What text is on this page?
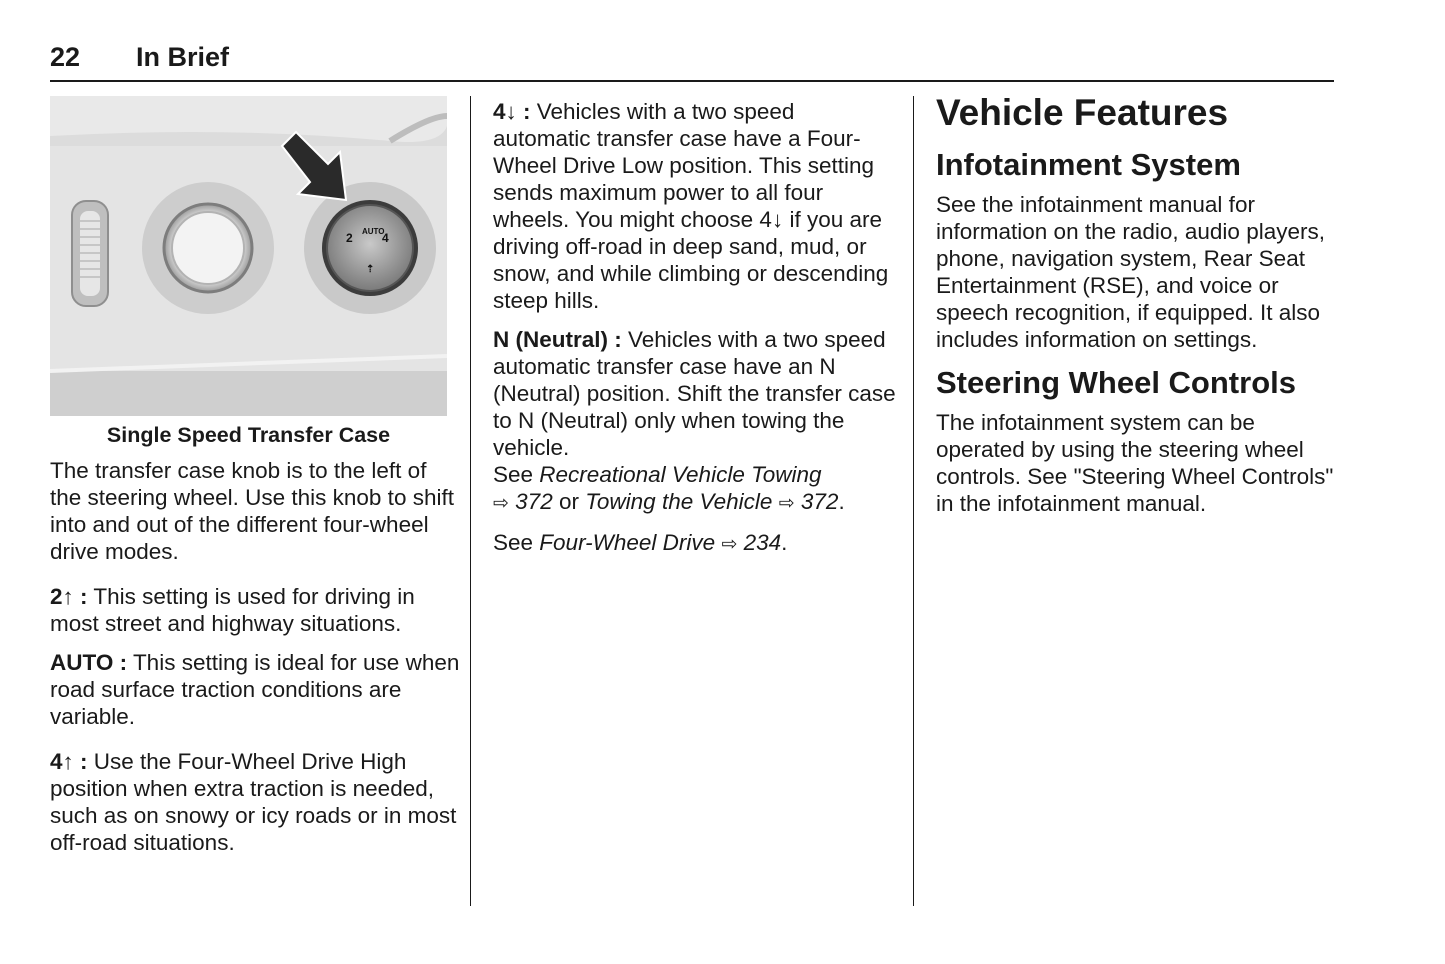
22 In Brief
2 AUTO
4
⇡
Single Speed Transfer Case

The transfer case knob is to the left of the steering wheel. Use this knob to shift into and out of the different four-wheel drive modes.

2↑ : This setting is used for driving in most street and highway situations.

AUTO : This setting is ideal for use when road surface traction conditions are variable.

4↑ : Use the Four-Wheel Drive High position when extra traction is needed, such as on snowy or icy roads or in most off-road situations.

4↓ : Vehicles with a two speed automatic transfer case have a Four-Wheel Drive Low position. This setting sends maximum power to all four wheels. You might choose 4↓ if you are driving off-road in deep sand, mud, or snow, and while climbing or descending steep hills.

N (Neutral) : Vehicles with a two speed automatic transfer case have an N (Neutral) position. Shift the transfer case to N (Neutral) only when towing the vehicle.
See Recreational Vehicle Towing
⇨ 372 or Towing the Vehicle ⇨ 372.

See Four-Wheel Drive ⇨ 234.

Vehicle Features
Infotainment System

See the infotainment manual for information on the radio, audio players, phone, navigation system, Rear Seat Entertainment (RSE), and voice or speech recognition, if equipped. It also includes information on settings.

Steering Wheel Controls

The infotainment system can be operated by using the steering wheel controls. See "Steering Wheel Controls" in the infotainment manual.
